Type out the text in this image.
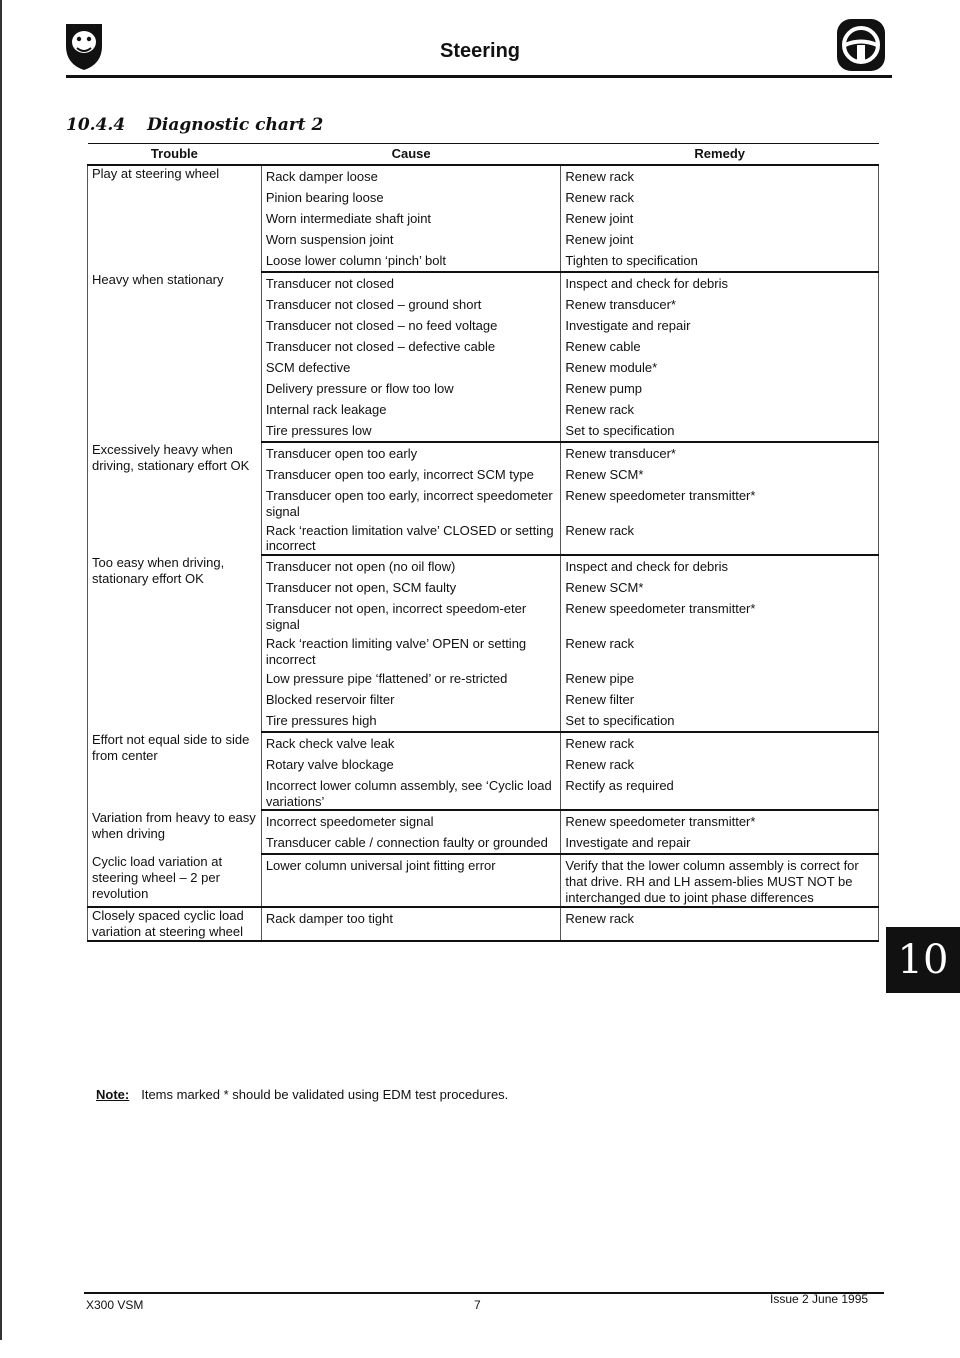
Steering
10.4.4 Diagnostic chart 2
Trouble	Cause	Remedy
Play at steering wheel	Rack damper loose	Renew rack

	Pinion bearing loose	Renew rack

	Worn intermediate shaft joint	Renew joint

	Worn suspension joint	Renew joint

	Loose lower column ‘pinch’ bolt	Tighten to specification

Heavy when stationary	Transducer not closed	Inspect and check for debris

	Transducer not closed – ground short	Renew transducer*

	Transducer not closed – no feed voltage	Investigate and repair

	Transducer not closed – defective cable	Renew cable

	SCM defective	Renew module*

	Delivery pressure or flow too low	Renew pump

	Internal rack leakage	Renew rack

	Tire pressures low	Set to specification

Excessively heavy when driving, stationary effort OK	Transducer open too early	Renew transducer*

	Transducer open too early, incorrect SCM type	Renew SCM*

	Transducer open too early, incorrect speedometer signal	Renew speedometer transmitter*

	Rack ‘reaction limitation valve’ CLOSED or setting incorrect	Renew rack

Too easy when driving, stationary effort OK	Transducer not open (no oil flow)	Inspect and check for debris

	Transducer not open, SCM faulty	Renew SCM*

	Transducer not open, incorrect speedom-eter signal	Renew speedometer transmitter*

	Rack ‘reaction limiting valve’ OPEN or setting incorrect	Renew rack

	Low pressure pipe ‘flattened’ or re-stricted	Renew pipe

	Blocked reservoir filter	Renew filter

	Tire pressures high	Set to specification

Effort not equal side to side from center	Rack check valve leak	Renew rack

	Rotary valve blockage	Renew rack

	Incorrect lower column assembly, see ‘Cyclic load variations’	Rectify as required

Variation from heavy to easy when driving	Incorrect speedometer signal	Renew speedometer transmitter*

	Transducer cable / connection faulty or grounded	Investigate and repair

Cyclic load variation at steering wheel – 2 per revolution	Lower column universal joint fitting error	Verify that the lower column assembly is correct for that drive. RH and LH assem-blies MUST NOT be interchanged due to joint phase differences

Closely spaced cyclic load variation at steering wheel	Rack damper too tight	Renew rack
Note: Items marked * should be validated using EDM test procedures.
10
X300 VSM	7	Issue 2 June 1995
